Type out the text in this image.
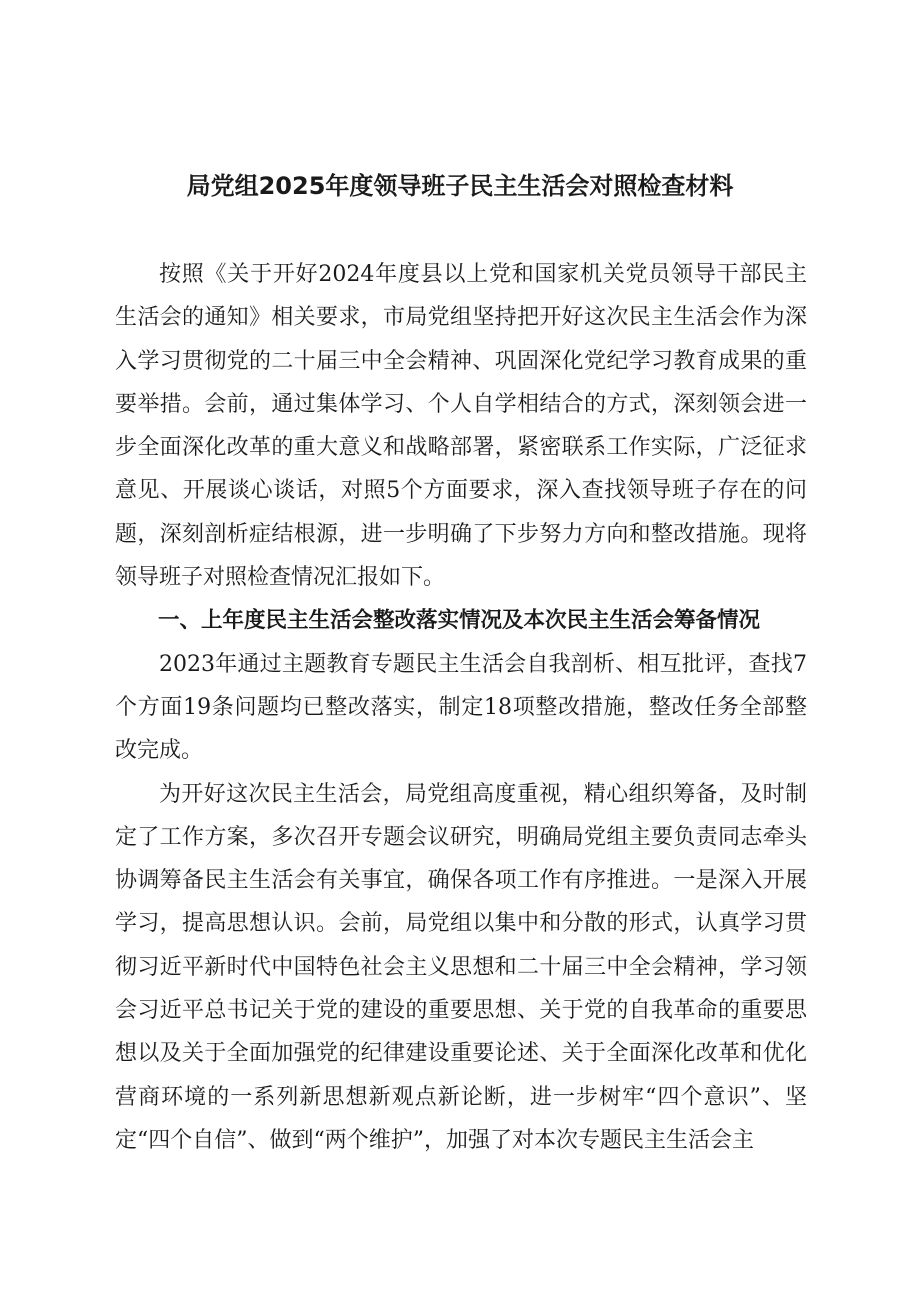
局党组2025年度领导班子民主生活会对照检查材料

按照《关于开好2024年度县以上党和国家机关党员领导干部民主生活会的通知》相关要求，市局党组坚持把开好这次民主生活会作为深入学习贯彻党的二十届三中全会精神、巩固深化党纪学习教育成果的重要举措。会前，通过集体学习、个人自学相结合的方式，深刻领会进一步全面深化改革的重大意义和战略部署，紧密联系工作实际，广泛征求意见、开展谈心谈话，对照5个方面要求，深入查找领导班子存在的问题，深刻剖析症结根源，进一步明确了下步努力方向和整改措施。现将领导班子对照检查情况汇报如下。

一、上年度民主生活会整改落实情况及本次民主生活会筹备情况

2023年通过主题教育专题民主生活会自我剖析、相互批评，查找7个方面19条问题均已整改落实，制定18项整改措施，整改任务全部整改完成。

为开好这次民主生活会，局党组高度重视，精心组织筹备，及时制定了工作方案，多次召开专题会议研究，明确局党组主要负责同志牵头协调筹备民主生活会有关事宜，确保各项工作有序推进。一是深入开展学习，提高思想认识。会前，局党组以集中和分散的形式，认真学习贯彻习近平新时代中国特色社会主义思想和二十届三中全会精神，学习领会习近平总书记关于党的建设的重要思想、关于党的自我革命的重要思想以及关于全面加强党的纪律建设重要论述、关于全面深化改革和优化营商环境的一系列新思想新观点新论断，进一步树牢“四个意识”、坚定“四个自信”、做到“两个维护”，加强了对本次专题民主生活会主
